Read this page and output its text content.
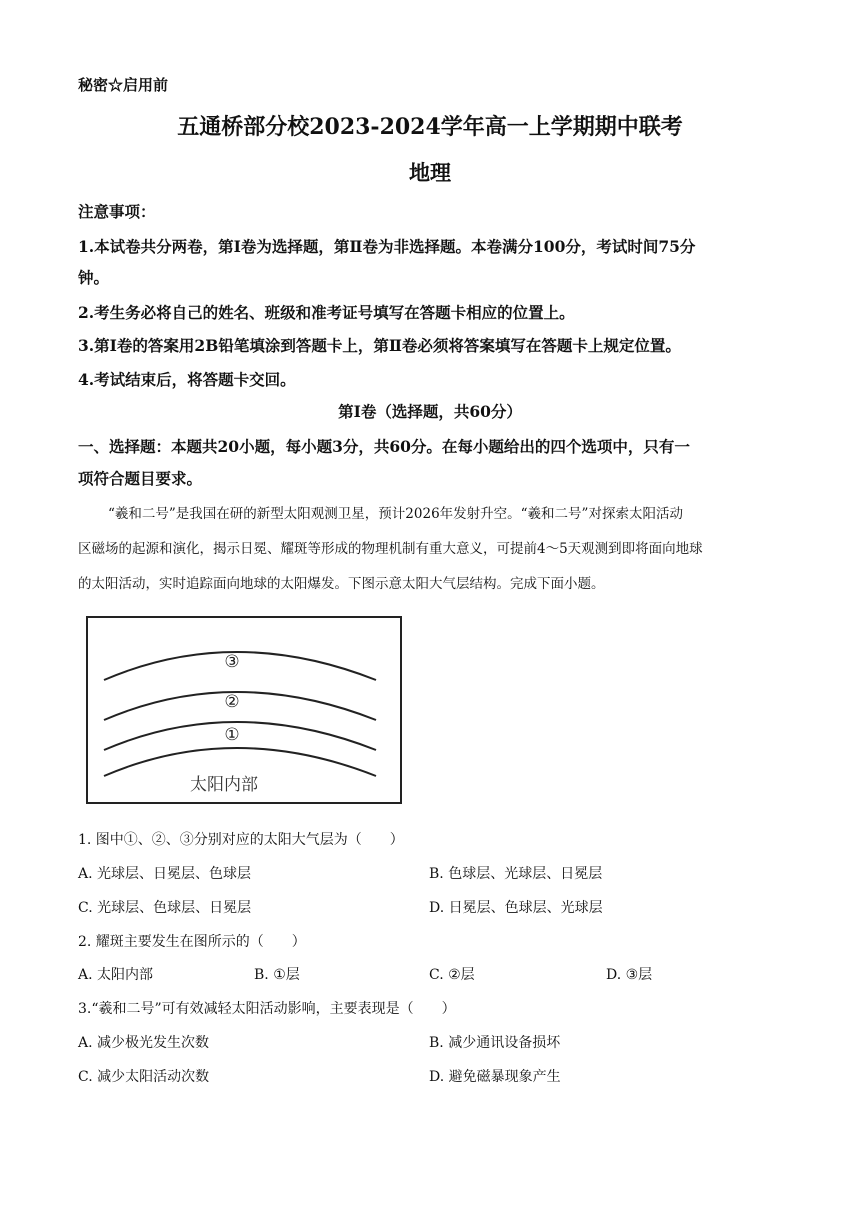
秘密☆启用前
五通桥部分校2023-2024学年高一上学期期中联考
地理
注意事项：
1.本试卷共分两卷，第Ⅰ卷为选择题，第Ⅱ卷为非选择题。本卷满分100分，考试时间75分
钟。
2.考生务必将自己的姓名、班级和准考证号填写在答题卡相应的位置上。
3.第Ⅰ卷的答案用2B铅笔填涂到答题卡上，第Ⅱ卷必须将答案填写在答题卡上规定位置。
4.考试结束后，将答题卡交回。
第Ⅰ卷（选择题，共60分）
一、选择题：本题共20小题，每小题3分，共60分。在每小题给出的四个选项中，只有一
项符合题目要求。
“羲和二号”是我国在研的新型太阳观测卫星，预计2026年发射升空。“羲和二号”对探索太阳活动
区磁场的起源和演化，揭示日冕、耀斑等形成的物理机制有重大意义，可提前4～5天观测到即将面向地球
的太阳活动，实时追踪面向地球的太阳爆发。下图示意太阳大气层结构。完成下面小题。
③
②
①
太阳内部
1. 图中①、②、③分别对应的太阳大气层为（　　）
A. 光球层、日冕层、色球层	B. 色球层、光球层、日冕层
C. 光球层、色球层、日冕层	D. 日冕层、色球层、光球层
2. 耀斑主要发生在图所示的（　　）
A. 太阳内部	B. ①层	C. ②层	D. ③层
3.“羲和二号”可有效减轻太阳活动影响，主要表现是（　　）
A. 减少极光发生次数	B. 减少通讯设备损坏
C. 减少太阳活动次数	D. 避免磁暴现象产生
